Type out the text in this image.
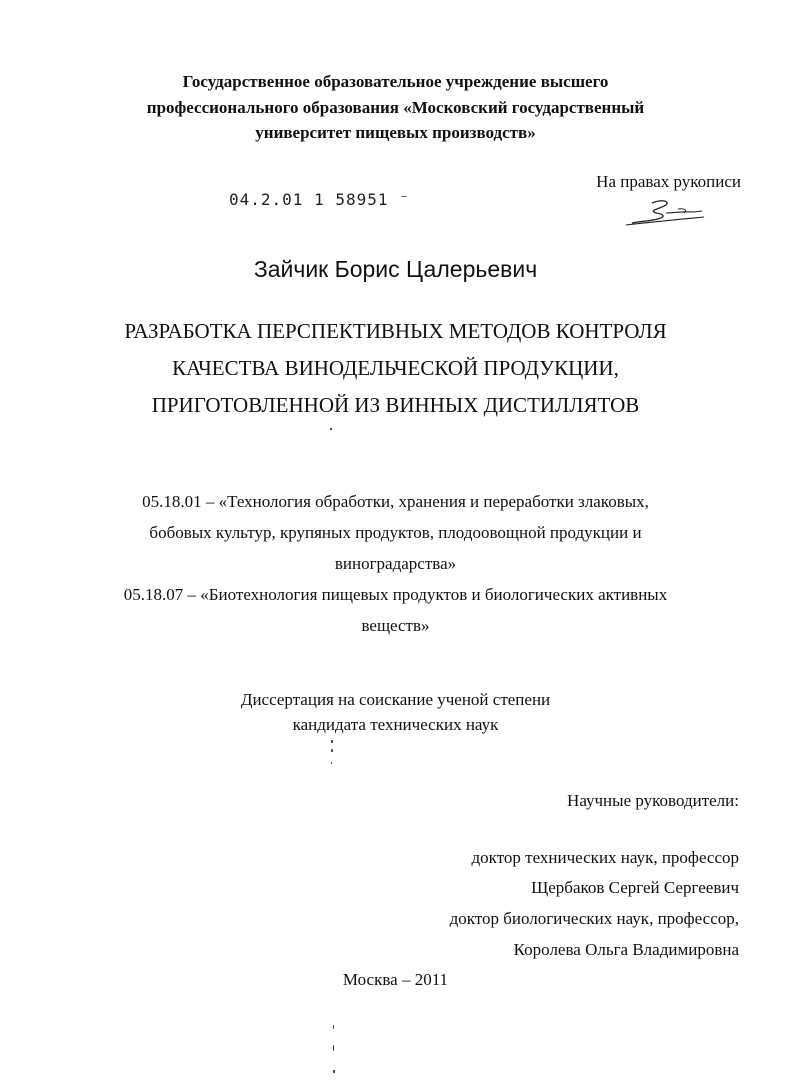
Государственное образовательное учреждение высшего
профессионального образования «Московский государственный
университет пищевых производств»
На правах рукописи
04.2.01 1 58951 ⁻
Зайчик Борис Цалерьевич
РАЗРАБОТКА ПЕРСПЕКТИВНЫХ МЕТОДОВ КОНТРОЛЯ
КАЧЕСТВА ВИНОДЕЛЬЧЕСКОЙ ПРОДУКЦИИ,
ПРИГОТОВЛЕННОЙ ИЗ ВИННЫХ ДИСТИЛЛЯТОВ
05.18.01 – «Технология обработки, хранения и переработки злаковых,
бобовых культур, крупяных продуктов, плодоовощной продукции и
виноградарства»
05.18.07 – «Биотехнология пищевых продуктов и биологических активных
веществ»
Диссертация на соискание ученой степени
кандидата технических наук
Научные руководители:
доктор технических наук, профессор
Щербаков Сергей Сергеевич
доктор биологических наук, профессор,
Королева Ольга Владимировна
Москва – 2011
